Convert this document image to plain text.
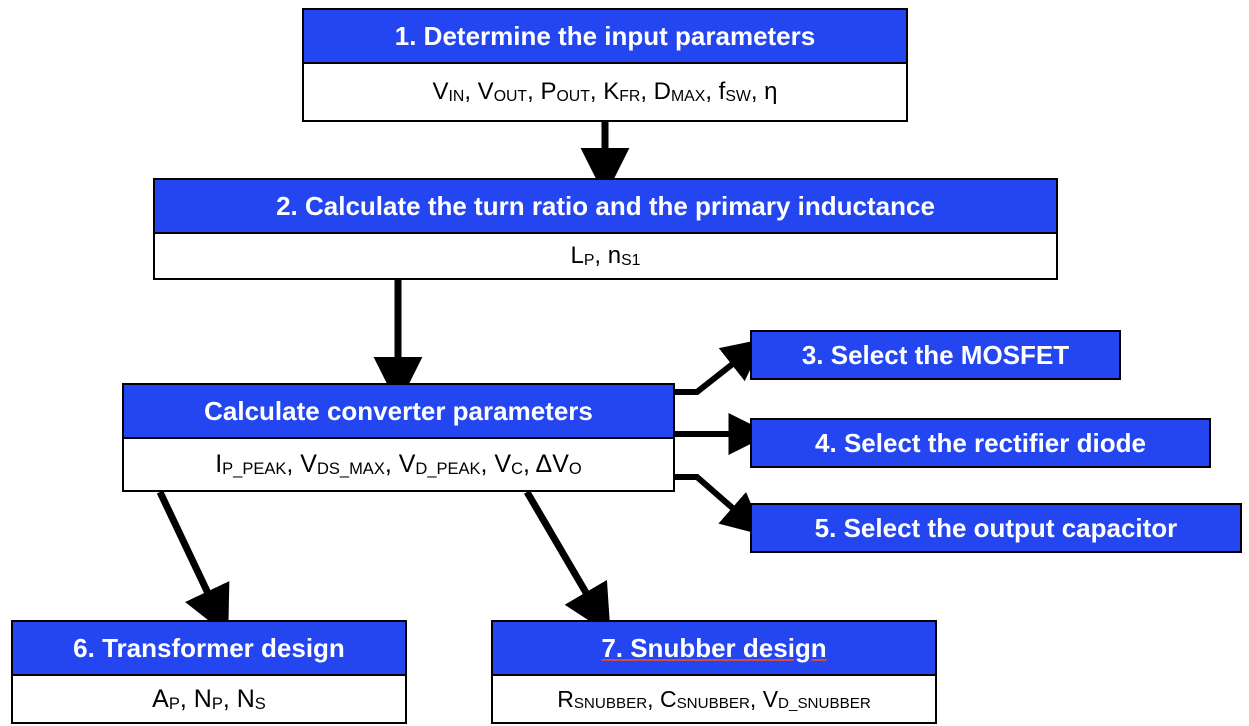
1. Determine the input parameters
$V_{IN}$ , $V_{OUT}$ , $P_{OUT}$ , $K_{FR}$ , $D_{MAX}$ , $f_{SW}$ , η
2. Calculate the turn ratio and the primary inductance
$L_P$ , $n_{S1}$
Calculate converter parameters
$I_{P\_PEAK}$ , $V_{DS\_MAX}$ , $V_{D\_PEAK}$ , $V_C$ , $\Delta V_O$
3. Select the MOSFET
4. Select the rectifier diode
5. Select the output capacitor
6. Transformer design
$A_P$ , $N_P$ , $N_S$
7. Snubber design
$R_{SNUBBER}$ , $C_{SNUBBER}$ , $V_{D\_SNUBBER}$
